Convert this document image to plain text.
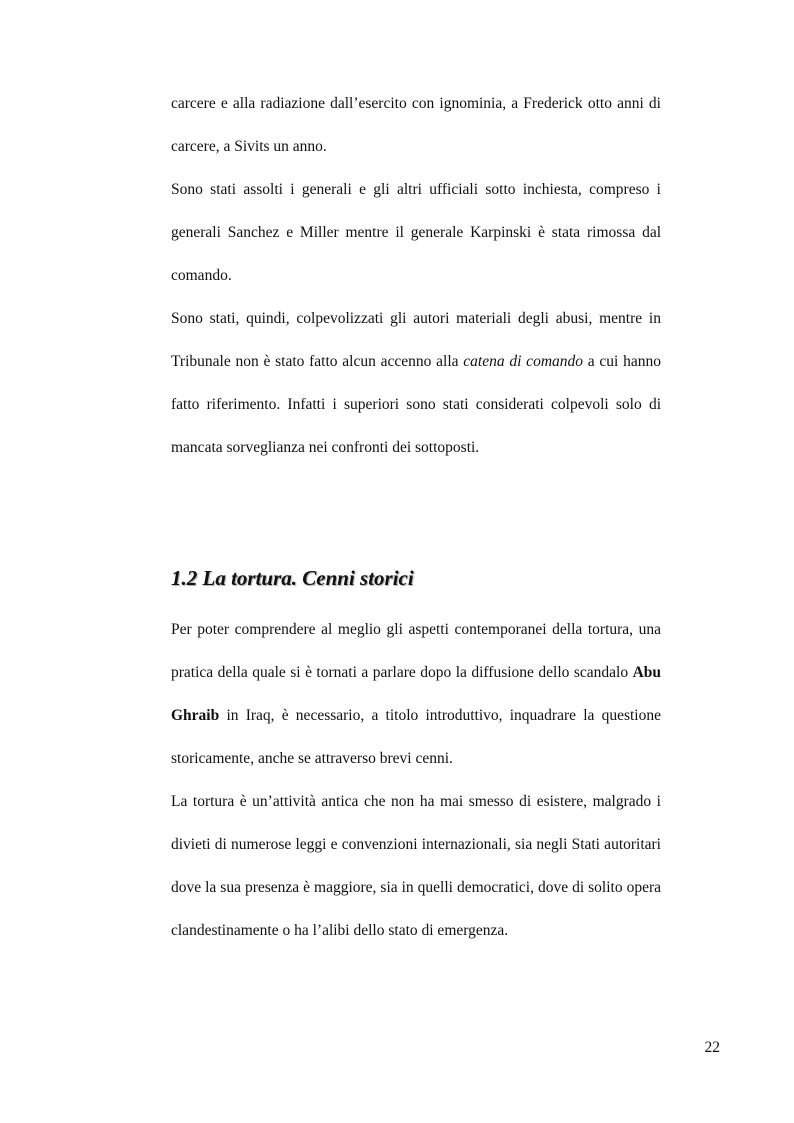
carcere e alla radiazione dall’esercito con ignominia, a Frederick otto anni di carcere, a Sivits un anno.

Sono stati assolti i generali e gli altri ufficiali sotto inchiesta, compreso i generali Sanchez e Miller mentre il generale Karpinski è stata rimossa dal comando.

Sono stati, quindi, colpevolizzati gli autori materiali degli abusi, mentre in Tribunale non è stato fatto alcun accenno alla catena di comando a cui hanno fatto riferimento. Infatti i superiori sono stati considerati colpevoli solo di mancata sorveglianza nei confronti dei sottoposti.

1.2 La tortura. Cenni storici

Per poter comprendere al meglio gli aspetti contemporanei della tortura, una pratica della quale si è tornati a parlare dopo la diffusione dello scandalo Abu Ghraib in Iraq, è necessario, a titolo introduttivo, inquadrare la questione storicamente, anche se attraverso brevi cenni.

La tortura è un’attività antica che non ha mai smesso di esistere, malgrado i divieti di numerose leggi e convenzioni internazionali, sia negli Stati autoritari dove la sua presenza è maggiore, sia in quelli democratici, dove di solito opera clandestinamente o ha l’alibi dello stato di emergenza.

22
